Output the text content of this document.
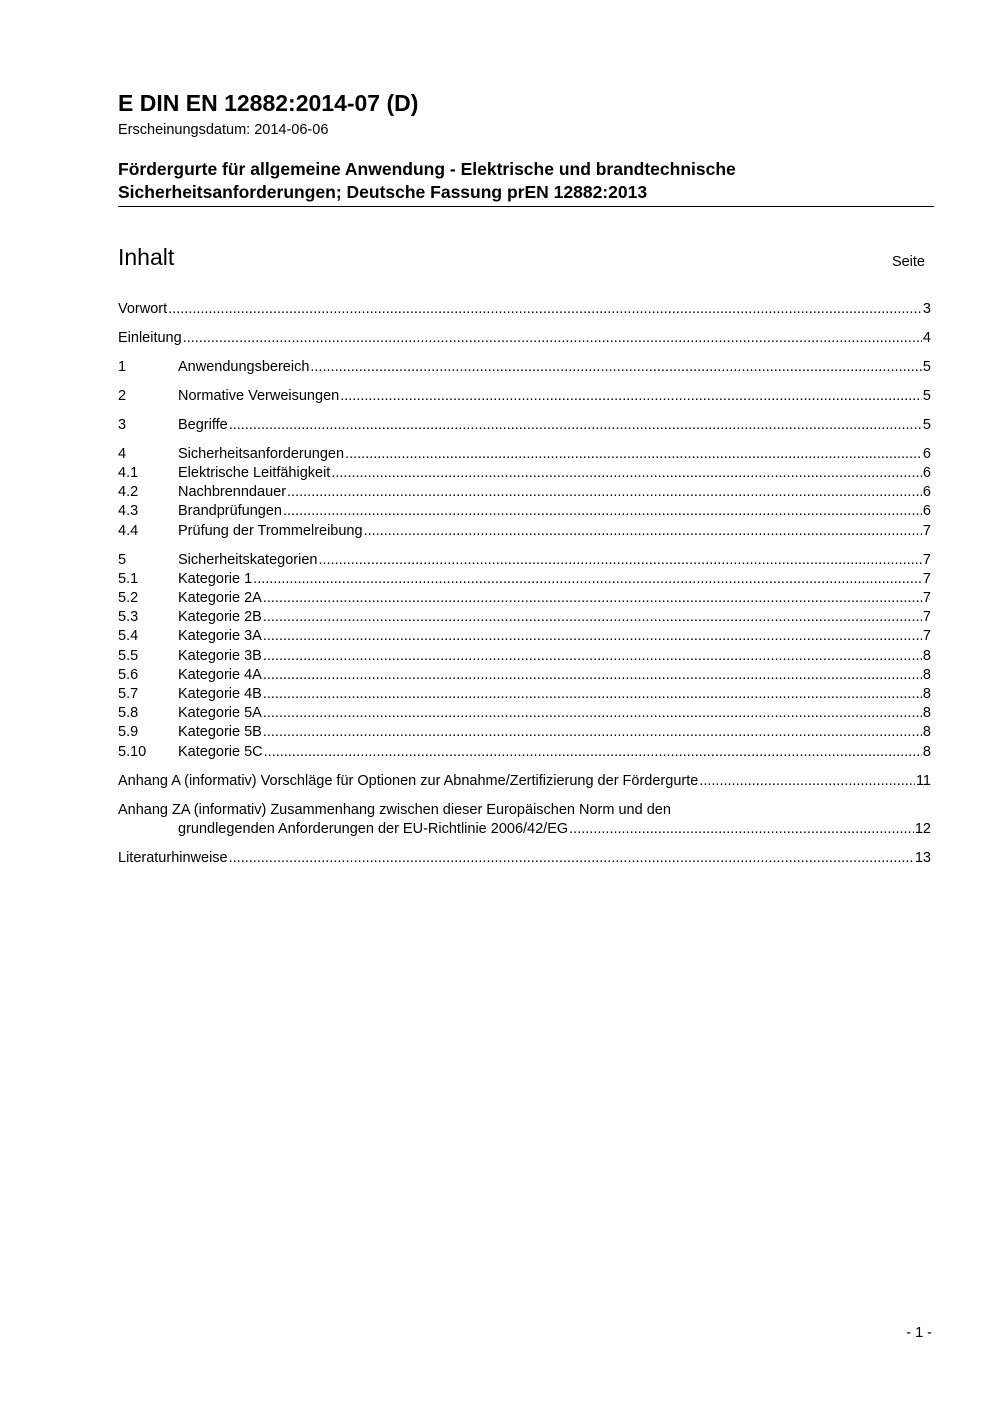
E DIN EN 12882:2014-07 (D)
Erscheinungsdatum: 2014-06-06
Fördergurte für allgemeine Anwendung - Elektrische und brandtechnische
Sicherheitsanforderungen; Deutsche Fassung prEN 12882:2013
Inhalt	Seite
Vorwort .....	3
Einleitung .....	4
1	Anwendungsbereich .....	5
2	Normative Verweisungen .....	5
3	Begriffe .....	5
4	Sicherheitsanforderungen .....	6
4.1	Elektrische Leitfähigkeit .....	6
4.2	Nachbrenndauer .....	6
4.3	Brandprüfungen .....	6
4.4	Prüfung der Trommelreibung .....	7
5	Sicherheitskategorien .....	7
5.1	Kategorie 1 .....	7
5.2	Kategorie 2A .....	7
5.3	Kategorie 2B .....	7
5.4	Kategorie 3A .....	7
5.5	Kategorie 3B .....	8
5.6	Kategorie 4A .....	8
5.7	Kategorie 4B .....	8
5.8	Kategorie 5A .....	8
5.9	Kategorie 5B .....	8
5.10	Kategorie 5C .....	8
Anhang A (informativ) Vorschläge für Optionen zur Abnahme/Zertifizierung der Fördergurte .....	11
Anhang ZA (informativ) Zusammenhang zwischen dieser Europäischen Norm und den
grundlegenden Anforderungen der EU-Richtlinie 2006/42/EG .....	12
Literaturhinweise .....	13
- 1 -
